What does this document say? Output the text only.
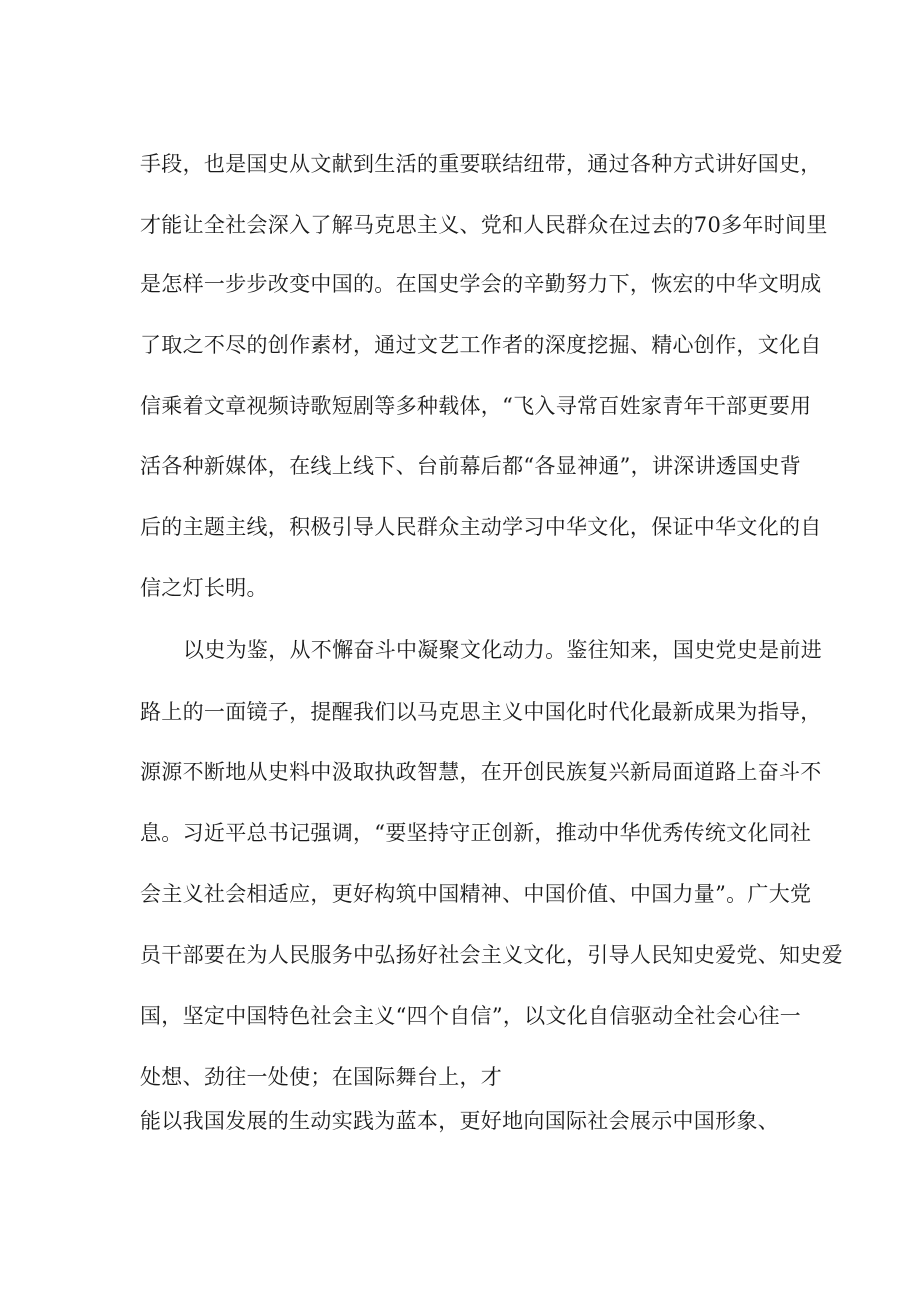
手段，也是国史从文献到生活的重要联结纽带，通过各种方式讲好国史，
才能让全社会深入了解马克思主义、党和人民群众在过去的70多年时间里
是怎样一步步改变中国的。在国史学会的辛勤努力下，恢宏的中华文明成
了取之不尽的创作素材，通过文艺工作者的深度挖掘、精心创作，文化自
信乘着文章视频诗歌短剧等多种载体，“飞入寻常百姓家青年干部更要用
活各种新媒体，在线上线下、台前幕后都“各显神通”，讲深讲透国史背
后的主题主线，积极引导人民群众主动学习中华文化，保证中华文化的自
信之灯长明。
以史为鉴，从不懈奋斗中凝聚文化动力。鉴往知来，国史党史是前进
路上的一面镜子，提醒我们以马克思主义中国化时代化最新成果为指导，
源源不断地从史料中汲取执政智慧，在开创民族复兴新局面道路上奋斗不
息。习近平总书记强调，“要坚持守正创新，推动中华优秀传统文化同社
会主义社会相适应，更好构筑中国精神、中国价值、中国力量”。广大党
员干部要在为人民服务中弘扬好社会主义文化，引导人民知史爱党、知史爱
国，坚定中国特色社会主义“四个自信”，以文化自信驱动全社会心往一
处想、劲往一处使；在国际舞台上，才
能以我国发展的生动实践为蓝本，更好地向国际社会展示中国形象、
